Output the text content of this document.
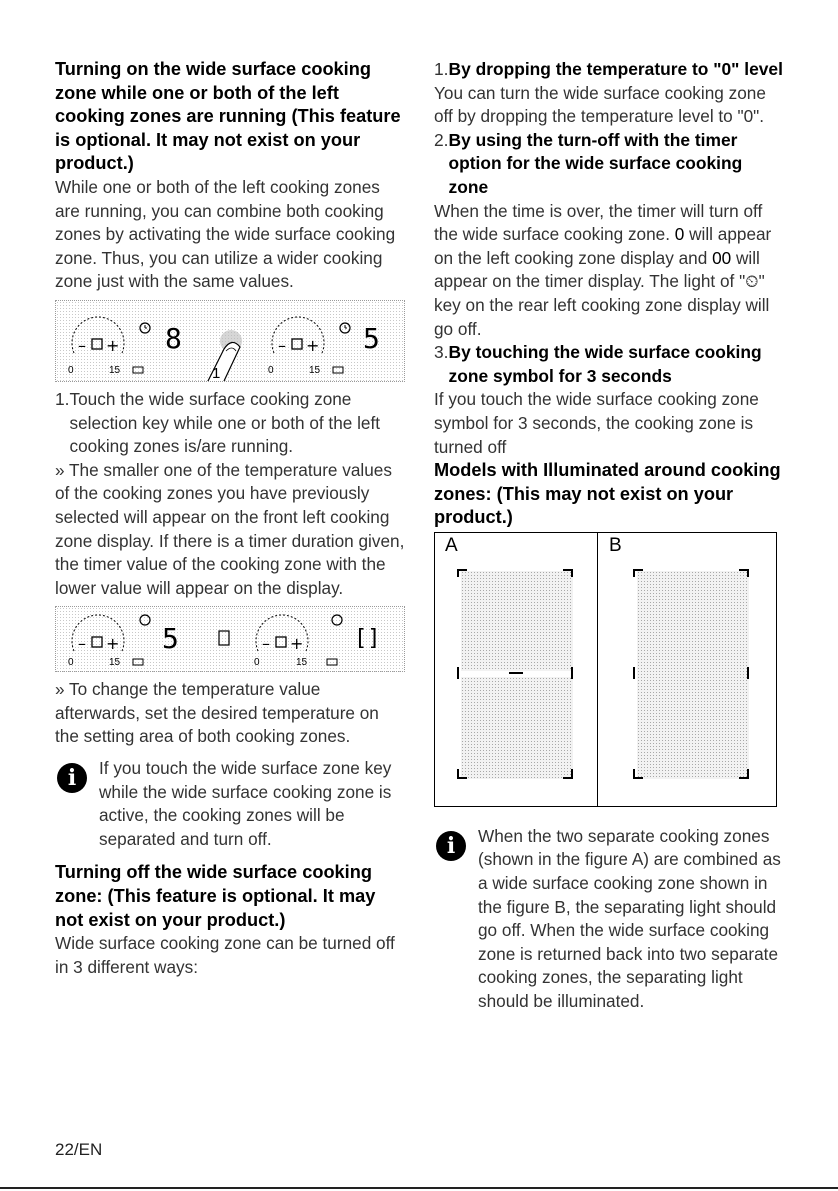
Turning on the wide surface cooking zone while one or both of the left cooking zones are running (This feature is optional. It may not exist on your product.)

While one or both of the left cooking zones are running, you can combine both cooking zones by activating the wide surface cooking zone. Thus, you can utilize a wider cooking zone just with the same values.

– +	– +
8	5
0	15	0	15
1
1. Touch the wide surface cooking zone selection key while one or both of the left cooking zones is/are running.

» The smaller one of the temperature values of the cooking zones you have previously selected will appear on the front left cooking zone display. If there is a timer duration given, the timer value of the cooking zone with the lower value will appear on the display.

– +	– +
5	[]
0	15	0	15

» To change the temperature value afterwards, set the desired temperature on the setting area of both cooking zones.

i	If you touch the wide surface zone key while the wide surface cooking zone is active, the cooking zones will be separated and turn off.

Turning off the wide surface cooking zone: (This feature is optional. It may not exist on your product.)

Wide surface cooking zone can be turned off in 3 different ways:

1. By dropping the temperature to "0" level

You can turn the wide surface cooking zone off by dropping the temperature level to "0".

2. By using the turn-off with the timer option for the wide surface cooking zone

When the time is over, the timer will turn off the wide surface cooking zone. 0 will appear on the left cooking zone display and 00 will appear on the timer display. The light of "⏲" key on the rear left cooking zone display will go off.

3. By touching the wide surface cooking zone symbol for 3 seconds

If you touch the wide surface cooking zone symbol for 3 seconds, the cooking zone is turned off

Models with Illuminated around cooking zones: (This may not exist on your product.)

A	B
i	When the two separate cooking zones (shown in the figure A) are combined as a wide surface cooking zone shown in the figure B, the separating light should go off. When the wide surface cooking zone is returned back into two separate cooking zones, the separating light should be illuminated.

22/EN
